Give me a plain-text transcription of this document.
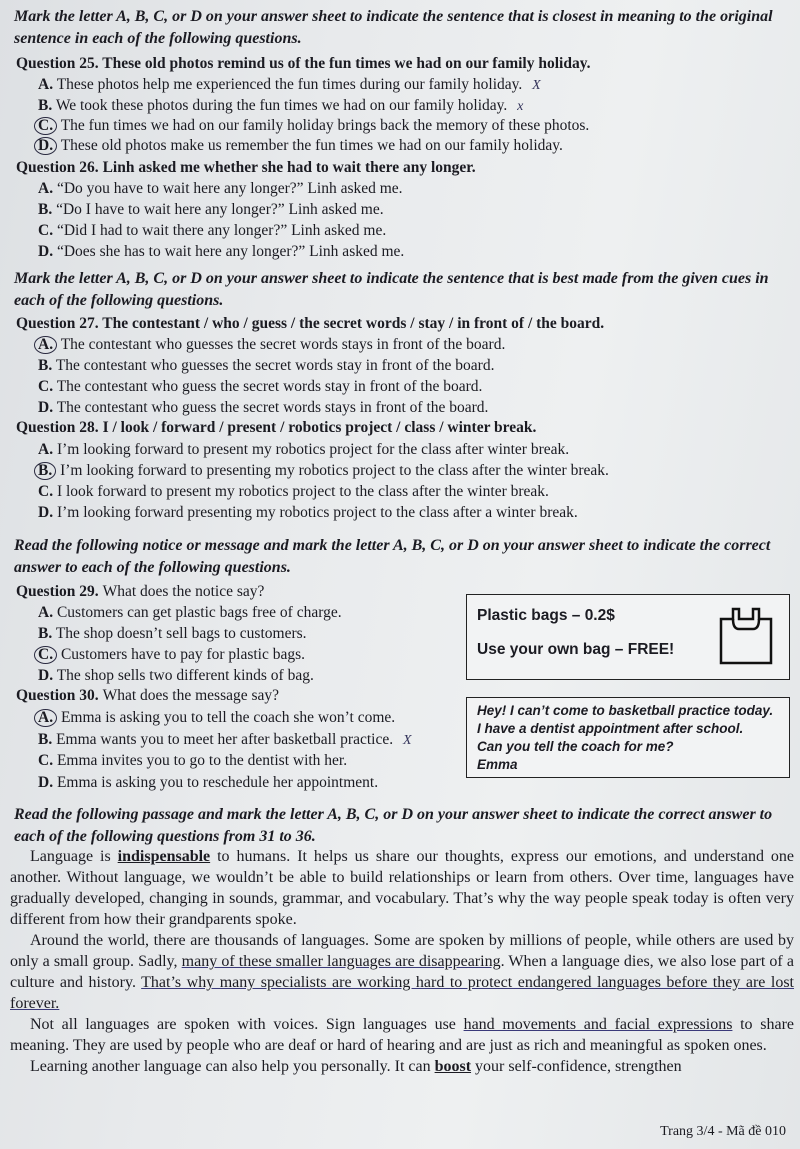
Mark the letter A, B, C, or D on your answer sheet to indicate the sentence that is closest in meaning to the original sentence in each of the following questions.
Question 25. These old photos remind us of the fun times we had on our family holiday.
A. These photos help me experienced the fun times during our family holiday. X
B. We took these photos during the fun times we had on our family holiday. x
C. The fun times we had on our family holiday brings back the memory of these photos.
D. These old photos make us remember the fun times we had on our family holiday.
Question 26. Linh asked me whether she had to wait there any longer.
A. “Do you have to wait here any longer?” Linh asked me.
B. “Do I have to wait here any longer?” Linh asked me.
C. “Did I had to wait there any longer?” Linh asked me.
D. “Does she has to wait here any longer?” Linh asked me.
Mark the letter A, B, C, or D on your answer sheet to indicate the sentence that is best made from the given cues in each of the following questions.
Question 27. The contestant / who / guess / the secret words / stay / in front of / the board.
A. The contestant who guesses the secret words stays in front of the board.
B. The contestant who guesses the secret words stay in front of the board.
C. The contestant who guess the secret words stay in front of the board.
D. The contestant who guess the secret words stays in front of the board.
Question 28. I / look / forward / present / robotics project / class / winter break.
A. I’m looking forward to present my robotics project for the class after winter break.
B. I’m looking forward to presenting my robotics project to the class after the winter break.
C. I look forward to present my robotics project to the class after the winter break.
D. I’m looking forward presenting my robotics project to the class after a winter break.
Read the following notice or message and mark the letter A, B, C, or D on your answer sheet to indicate the correct answer to each of the following questions.
Question 29. What does the notice say?
A. Customers can get plastic bags free of charge.
B. The shop doesn’t sell bags to customers.
C. Customers have to pay for plastic bags.
D. The shop sells two different kinds of bag.
Plastic bags – 0.2$
Use your own bag – FREE!
Question 30. What does the message say?
A. Emma is asking you to tell the coach she won’t come.
B. Emma wants you to meet her after basketball practice. X
C. Emma invites you to go to the dentist with her.
D. Emma is asking you to reschedule her appointment.
Hey! I can’t come to basketball practice today.
I have a dentist appointment after school.
Can you tell the coach for me?
Emma
Read the following passage and mark the letter A, B, C, or D on your answer sheet to indicate the correct answer to each of the following questions from 31 to 36.

Language is indispensable to humans. It helps us share our thoughts, express our emotions, and understand one another. Without language, we wouldn’t be able to build relationships or learn from others. Over time, languages have gradually developed, changing in sounds, grammar, and vocabulary. That’s why the way people speak today is often very different from how their grandparents spoke.

Around the world, there are thousands of languages. Some are spoken by millions of people, while others are used by only a small group. Sadly, many of these smaller languages are disappearing. When a language dies, we also lose part of a culture and history. That’s why many specialists are working hard to protect endangered languages before they are lost forever.

Not all languages are spoken with voices. Sign languages use hand movements and facial expressions to share meaning. They are used by people who are deaf or hard of hearing and are just as rich and meaningful as spoken ones.

Learning another language can also help you personally. It can boost your self-confidence, strengthen

Trang 3/4 - Mã đề 010
